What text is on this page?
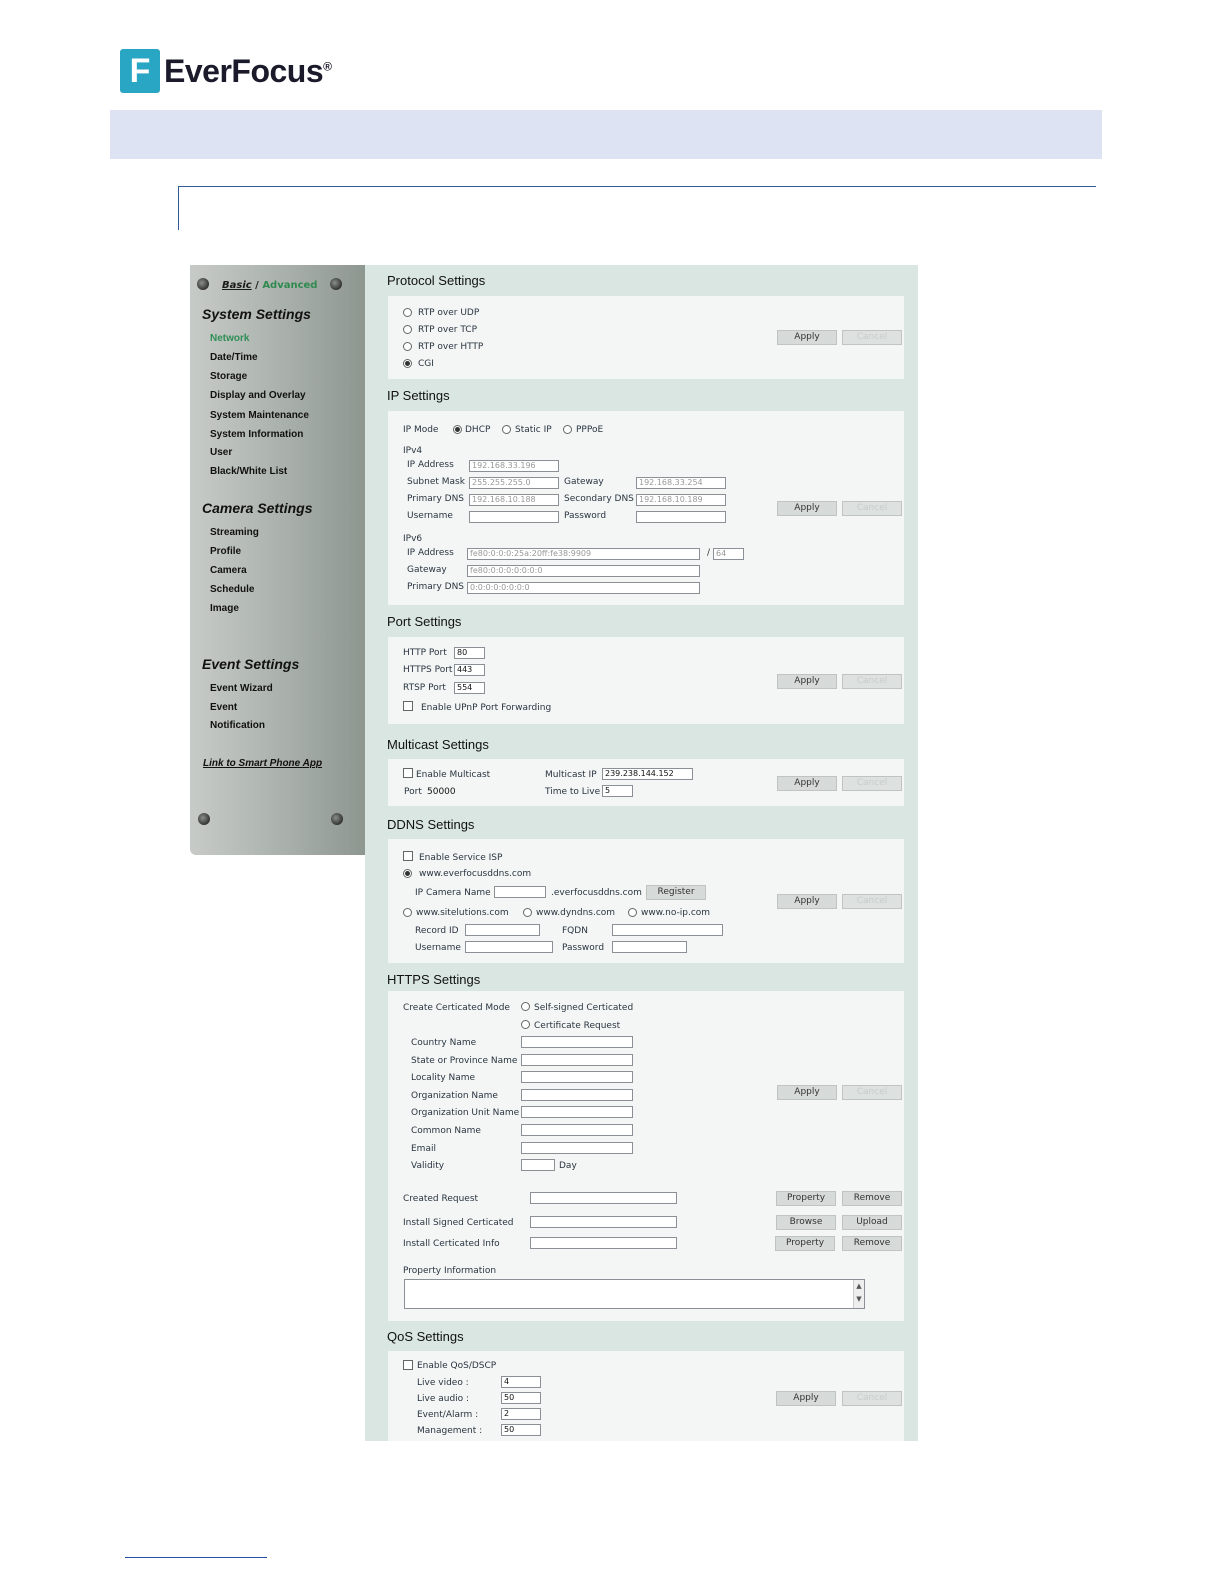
F EverFocus®
Basic / Advanced
System Settings
Network
Date/Time
Storage
Display and Overlay
System Maintenance
System Information
User
Black/White List
Camera Settings
Streaming
Profile
Camera
Schedule
Image
Event Settings
Event Wizard
Event
Notification
Link to Smart Phone App
Protocol Settings
RTP over UDP
RTP over TCP
RTP over HTTP
CGI
Apply	Cancel
IP Settings
IP Mode	DHCP	Static IP	PPPoE
IPv4
IP Address	192.168.33.196
Subnet Mask 255.255.255.0	Gateway	192.168.33.254
Primary DNS 192.168.10.188	Secondary DNS 192.168.10.189
Username	Password
Apply	Cancel
IPv6
IP Address	fe80:0:0:0:25a:20ff:fe38:9909	/ 64
Gateway	fe80:0:0:0:0:0:0:0
Primary DNS 0:0:0:0:0:0:0:0
Port Settings
HTTP Port	80
HTTPS Port 443
RTSP Port	554
Enable UPnP Port Forwarding
Apply	Cancel
Multicast Settings
Enable Multicast	Multicast IP	239.238.144.152
Port 50000	Time to Live 5
Apply	Cancel
DDNS Settings
Enable Service ISP
www.everfocusddns.com
IP Camera Name	.everfocusddns.com	Register
www.sitelutions.com	www.dyndns.com	www.no-ip.com
Record ID	FQDN
Username	Password
Apply	Cancel
HTTPS Settings
Create Certicated Mode	Self-signed Certicated
Certificate Request
Country Name
State or Province Name
Locality Name
Organization Name
Organization Unit Name
Common Name
Email
Validity	Day
Apply	Cancel
Created Request	Property	Remove
Install Signed Certicated	Browse	Upload
Install Certicated Info	Property	Remove
Property Information
▲
▼
QoS Settings
Enable QoS/DSCP
Live video :	4
Live audio :	50
Event/Alarm :	2
Management :	50
Apply	Cancel
